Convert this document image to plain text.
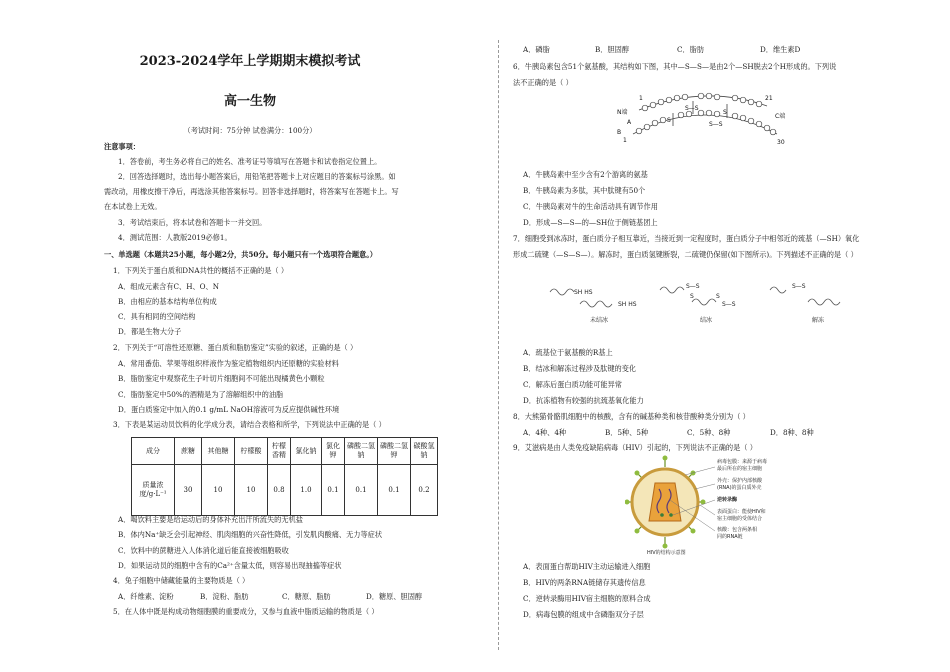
2023-2024学年上学期期末模拟考试
高一生物
（考试时间：75分钟 试卷满分：100分）
注意事项：
1．答卷前，考生务必将自己的姓名、准考证号等填写在答题卡和试卷指定位置上。
2．回答选择题时，选出每小题答案后，用铅笔把答题卡上对应题目的答案标号涂黑。如
需改动，用橡皮擦干净后，再选涂其他答案标号。回答非选择题时，将答案写在答题卡上。写
在本试卷上无效。
3．考试结束后，将本试卷和答题卡一并交回。
4．测试范围：人教版2019必修1。
一、单选题（本题共25小题，每小题2分，共50分。每小题只有一个选项符合题意。）
1．下列关于蛋白质和DNA共性的概括不正确的是（ ）
A．组成元素含有C、H、O、N
B．由相应的基本结构单位构成
C．具有相同的空间结构
D．都是生物大分子
2．下列关于“可溶性还原糖、蛋白质和脂肪鉴定”实验的叙述，正确的是（ ）
A．常用番茄、苹果等组织样液作为鉴定植物组织内还原糖的实验材料
B．脂肪鉴定中观察花生子叶切片细胞间不可能出现橘黄色小颗粒
C．脂肪鉴定中50%的酒精是为了溶解组织中的油脂
D．蛋白质鉴定中加入的0.1 g/mL NaOH溶液可为反应提供碱性环境
3．下表是某运动员饮料的化学成分表，请结合表格和所学，下列说法中正确的是（ ）
成分	蔗糖	其他糖	柠檬酸	柠檬香精	氯化钠	氯化钾	磷酸二氢钠	磷酸二氢钾	碳酸氢钠
质量浓度/g·L⁻¹	30	10	10	0.8	1.0	0.1	0.1	0.1	0.2
A．喝饮料主要是给运动后的身体补充出汗所流失的无机盐
B．体内Na⁺缺乏会引起神经、肌肉细胞的兴奋性降低，引发肌肉酸痛、无力等症状
C．饮料中的蔗糖进入人体消化道后能直接被细胞吸收
D．如果运动员的细胞中含有的Ca²⁺含量太低，则容易出现抽搐等症状
4．兔子细胞中储藏能量的主要物质是（ ）
A．纤维素、淀粉	B．淀粉、脂肪	C．糖原、脂肪	D．糖原、胆固醇
5．在人体中既是构成动物细胞膜的重要成分，又参与血液中脂质运输的物质是（ ）
A．磷脂	B．胆固醇	C．脂肪	D．维生素D
6．牛胰岛素包含51个氨基酸，其结构如下图，其中—S—S—是由2个—SH脱去2个H形成的。下列说
法不正确的是（ ）
1
N端
A
S—S
S
S
S—S
21
C端
1
B
30
A．牛胰岛素中至少含有2个游离的氨基
B．牛胰岛素为多肽，其中肽键有50个
C．牛胰岛素对牛的生命活动具有调节作用
D．形成—S—S—的—SH位于侧链基团上
7．细胞受到冰冻时，蛋白质分子相互靠近，当接近到一定程度时，蛋白质分子中相邻近的巯基（—SH）氧化
形成二硫键（—S—S—）。解冻时，蛋白质氢键断裂，二硫键仍保留(如下图所示)。下列描述不正确的是（ ）
SH HS
SH HS
S—S
S	S
S—S
S—S
未结冰	结冰	解冻
A．巯基位于氨基酸的R基上
B．结冰和解冻过程涉及肽键的变化
C．解冻后蛋白质功能可能异常
D．抗冻植物有较强的抗巯基氧化能力
8．大熊猫骨骼肌细胞中的核酸，含有的碱基种类和核苷酸种类分别为（ ）
A．4种、4种	B．5种、5种	C．5种、8种	D．8种、8种
9．艾滋病是由人类免疫缺陷病毒（HIV）引起的，下列说法不正确的是（ ）
病毒包膜：来源于病毒
最后所在的宿主细胞
外壳：保护内部核酸
(RNA)的蛋白质外壳
逆转录酶
表面蛋白：能使HIV和
宿主细胞的受体结合
核酸：包含两条相
同的RNA链
HIV的结构示意图
A．表面蛋白帮助HIV主动运输进入细胞
B．HIV的两条RNA链储存其遗传信息
C．逆转录酶用HIV宿主细胞的原料合成
D．病毒包膜的组成中含磷脂双分子层
